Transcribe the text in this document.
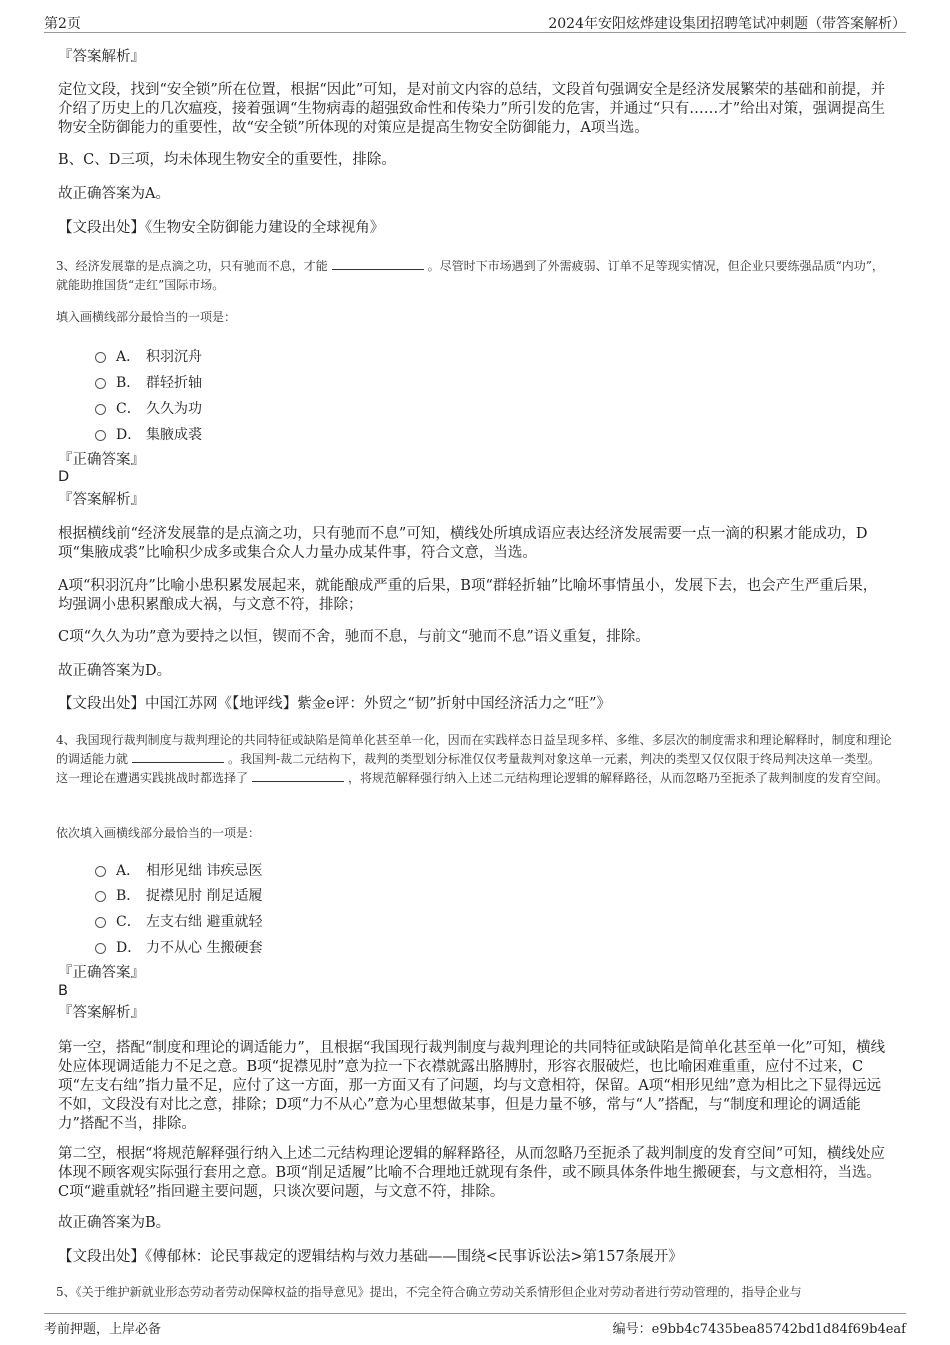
第2页	2024年安阳炫烨建设集团招聘笔试冲刺题（带答案解析）
『答案解析』
定位文段，找到“安全锁”所在位置，根据“因此”可知，是对前文内容的总结，文段首句强调安全是经济发展繁荣的基础和前提，并介绍了历史上的几次瘟疫，接着强调“生物病毒的超强致命性和传染力”所引发的危害，并通过“只有……才”给出对策，强调提高生物安全防御能力的重要性，故“安全锁”所体现的对策应是提高生物安全防御能力，A项当选。
B、C、D三项，均未体现生物安全的重要性，排除。
故正确答案为A。
【文段出处】《生物安全防御能力建设的全球视角》
3、经济发展靠的是点滴之功，只有驰而不息，才能	。尽管时下市场遇到了外需疲弱、订单不足等现实情况，但企业只要练强品质“内功”，就能助推国货“走红”国际市场。
填入画横线部分最恰当的一项是：
A． 积羽沉舟
B． 群轻折轴
C． 久久为功
D． 集腋成裘
『正确答案』
D
『答案解析』
根据横线前“经济发展靠的是点滴之功，只有驰而不息”可知，横线处所填成语应表达经济发展需要一点一滴的积累才能成功，D项“集腋成裘”比喻积少成多或集合众人力量办成某件事，符合文意，当选。
A项“积羽沉舟”比喻小患积累发展起来，就能酿成严重的后果，B项“群轻折轴”比喻坏事情虽小，发展下去，也会产生严重后果，均强调小患积累酿成大祸，与文意不符，排除；
C项“久久为功”意为要持之以恒，锲而不舍，驰而不息，与前文“驰而不息”语义重复，排除。
故正确答案为D。
【文段出处】中国江苏网《【地评线】紫金e评：外贸之“韧”折射中国经济活力之“旺”》
4、我国现行裁判制度与裁判理论的共同特征或缺陷是简单化甚至单一化，因而在实践样态日益呈现多样、多维、多层次的制度需求和理论解释时，制度和理论的调适能力就	。我国判-裁二元结构下，裁判的类型划分标准仅仅考量裁判对象这单一元素，判决的类型又仅仅限于终局判决这单一类型。这一理论在遭遇实践挑战时都选择了	，将规范解释强行纳入上述二元结构理论逻辑的解释路径，从而忽略乃至扼杀了裁判制度的发育空间。
依次填入画横线部分最恰当的一项是：
A． 相形见绌 讳疾忌医
B． 捉襟见肘 削足适履
C． 左支右绌 避重就轻
D． 力不从心 生搬硬套
『正确答案』
B
『答案解析』
第一空，搭配“制度和理论的调适能力”，且根据“我国现行裁判制度与裁判理论的共同特征或缺陷是简单化甚至单一化”可知，横线处应体现调适能力不足之意。B项“捉襟见肘”意为拉一下衣襟就露出胳膊肘，形容衣服破烂，也比喻困难重重，应付不过来，C项“左支右绌”指力量不足，应付了这一方面，那一方面又有了问题，均与文意相符，保留。A项“相形见绌”意为相比之下显得远远不如，文段没有对比之意，排除；D项“力不从心”意为心里想做某事，但是力量不够，常与“人”搭配，与“制度和理论的调适能力”搭配不当，排除。
第二空，根据“将规范解释强行纳入上述二元结构理论逻辑的解释路径，从而忽略乃至扼杀了裁判制度的发育空间”可知，横线处应体现不顾客观实际强行套用之意。B项“削足适履”比喻不合理地迁就现有条件，或不顾具体条件地生搬硬套，与文意相符，当选。C项“避重就轻”指回避主要问题，只谈次要问题，与文意不符，排除。
故正确答案为B。
【文段出处】《傅郁林：论民事裁定的逻辑结构与效力基础——围绕<民事诉讼法>第157条展开》
5、《关于维护新就业形态劳动者劳动保障权益的指导意见》提出，不完全符合确立劳动关系情形但企业对劳动者进行劳动管理的，指导企业与
考前押题，上岸必备	编号：e9bb4c7435bea85742bd1d84f69b4eaf
